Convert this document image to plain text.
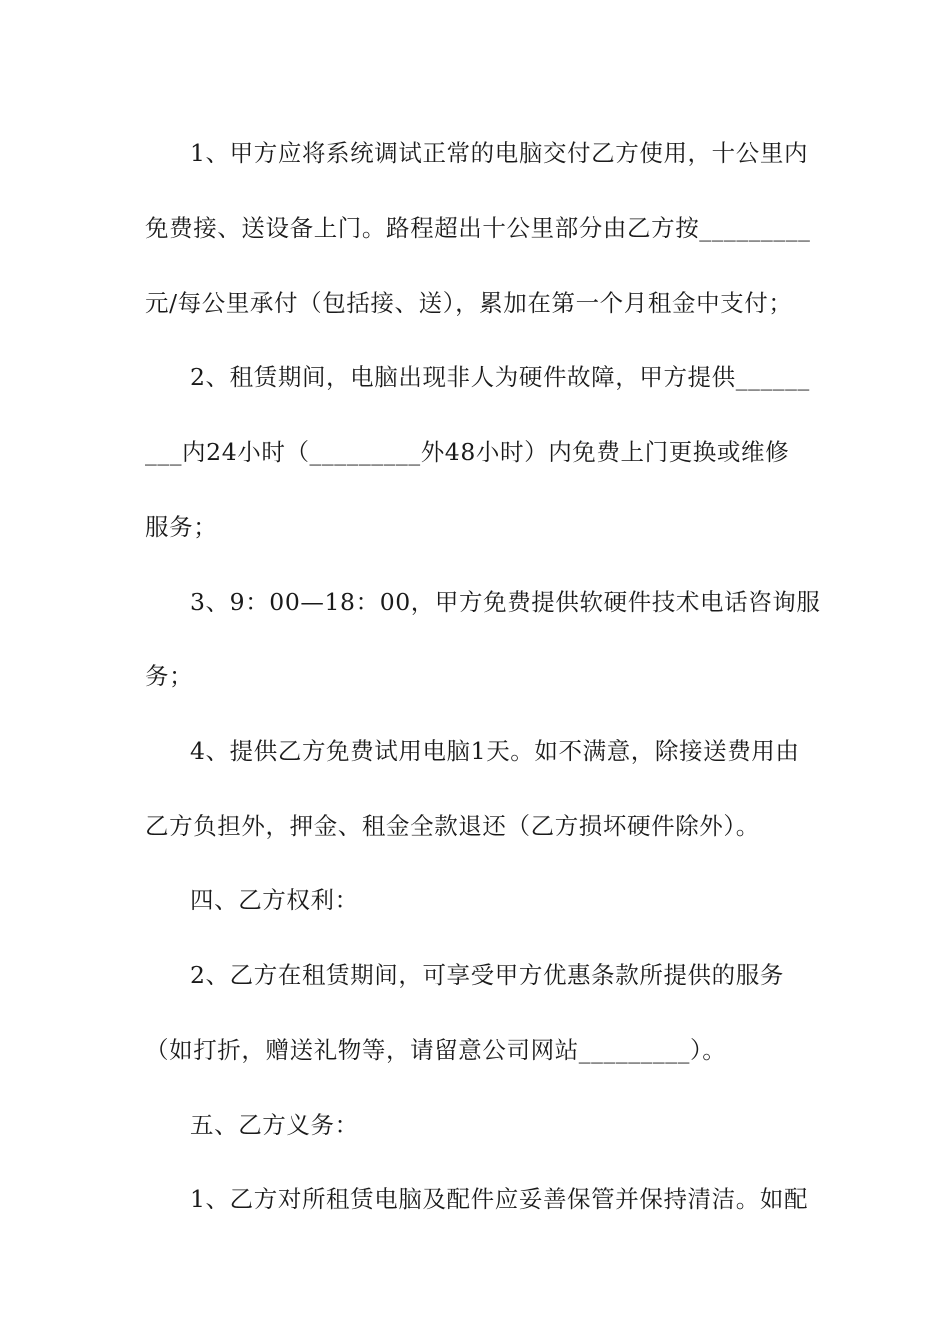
1、甲方应将系统调试正常的电脑交付乙方使用，十公里内
免费接、送设备上门。路程超出十公里部分由乙方按_________
元/每公里承付（包括接、送），累加在第一个月租金中支付；
2、租赁期间，电脑出现非人为硬件故障，甲方提供______
___内24小时（_________外48小时）内免费上门更换或维修
服务；
3、9：00—18：00，甲方免费提供软硬件技术电话咨询服
务；
4、提供乙方免费试用电脑1天。如不满意，除接送费用由
乙方负担外，押金、租金全款退还（乙方损坏硬件除外）。
四、乙方权利：
2、乙方在租赁期间，可享受甲方优惠条款所提供的服务
（如打折，赠送礼物等，请留意公司网站_________）。
五、乙方义务：
1、乙方对所租赁电脑及配件应妥善保管并保持清洁。如配
